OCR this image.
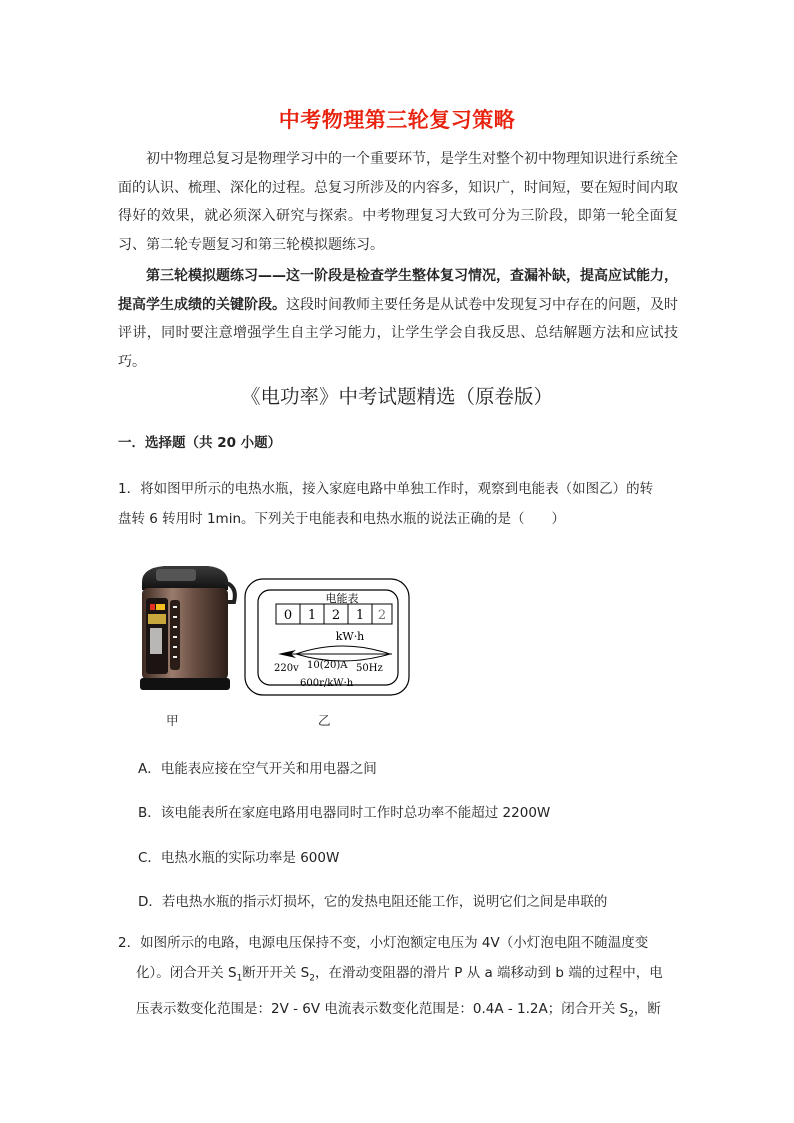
中考物理第三轮复习策略
初中物理总复习是物理学习中的一个重要环节，是学生对整个初中物理知识进行系统全面的认识、梳理、深化的过程。总复习所涉及的内容多，知识广，时间短，要在短时间内取得好的效果，就必须深入研究与探索。中考物理复习大致可分为三阶段，即第一轮全面复习、第二轮专题复习和第三轮模拟题练习。
第三轮模拟题练习——这一阶段是检查学生整体复习情况，查漏补缺，提高应试能力，提高学生成绩的关键阶段。这段时间教师主要任务是从试卷中发现复习中存在的问题，及时评讲，同时要注意增强学生自主学习能力，让学生学会自我反思、总结解题方法和应试技巧。
《电功率》中考试题精选（原卷版）
一．选择题（共 20 小题）
1．将如图甲所示的电热水瓶，接入家庭电路中单独工作时，观察到电能表（如图乙）的转
盘转 6 转用时 1min。下列关于电能表和电热水瓶的说法正确的是（　　）
电能表
0 1 2 1 2
kW·h
220v 10(20)A 50Hz
600r/kW·h
甲	乙
A．电能表应接在空气开关和用电器之间
B．该电能表所在家庭电路用电器同时工作时总功率不能超过 2200W
C．电热水瓶的实际功率是 600W
D．若电热水瓶的指示灯损坏，它的发热电阻还能工作，说明它们之间是串联的
2．如图所示的电路，电源电压保持不变，小灯泡额定电压为 4V（小灯泡电阻不随温度变
化）。闭合开关 $S_1$断开开关 $S_2$，在滑动变阻器的滑片 P 从 a 端移动到 b 端的过程中，电
压表示数变化范围是：2V - 6V 电流表示数变化范围是：0.4A - 1.2A；闭合开关 $S_2$，断
